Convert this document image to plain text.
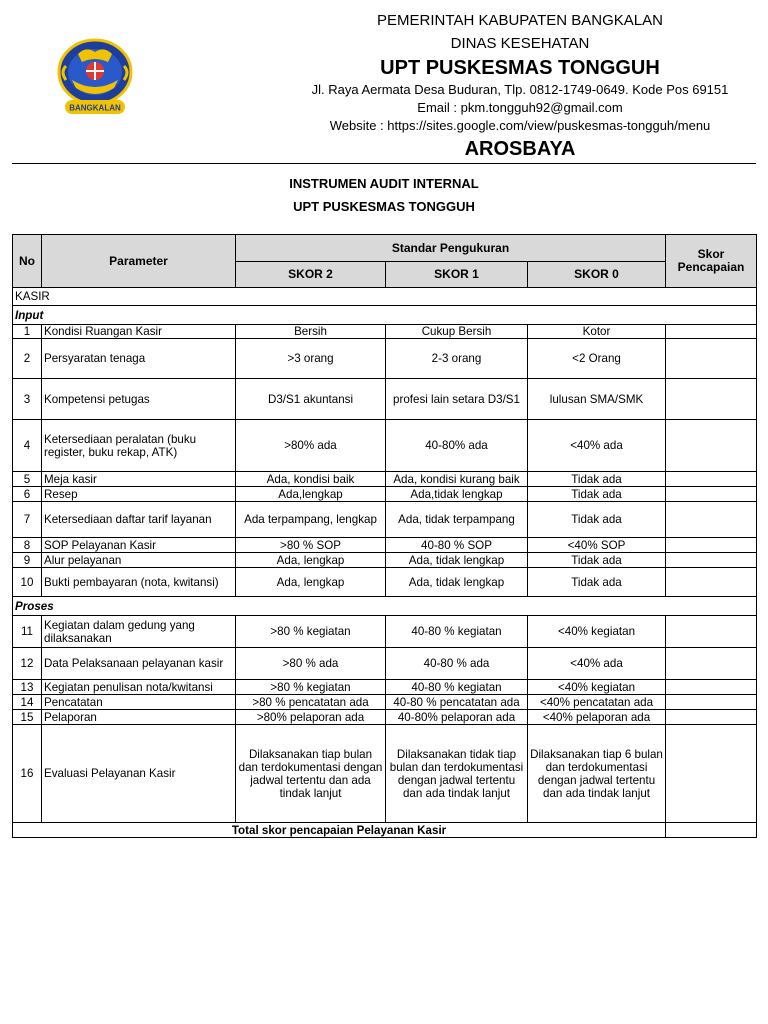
BANGKALAN
PEMERINTAH KABUPATEN BANGKALAN
DINAS KESEHATAN
UPT PUSKESMAS TONGGUH
Jl. Raya Aermata Desa Buduran, Tlp. 0812-1749-0649. Kode Pos 69151
Email : pkm.tongguh92@gmail.com
Website : https://sites.google.com/view/puskesmas-tongguh/menu
AROSBAYA
INSTRUMEN AUDIT INTERNAL
UPT PUSKESMAS TONGGUH
No	Parameter	Standar Pengukuran			Skor Pencapaian
		SKOR 2	SKOR 1	SKOR 0	
KASIR					
Input					
1	Kondisi Ruangan Kasir	Bersih	Cukup Bersih	Kotor	
2	Persyaratan tenaga	>3 orang	2-3 orang	<2 Orang	
3	Kompetensi petugas	D3/S1 akuntansi	profesi lain setara D3/S1	lulusan SMA/SMK	
4	Ketersediaan peralatan (buku register, buku rekap, ATK)	>80% ada	40-80% ada	<40% ada	
5	Meja kasir	Ada, kondisi baik	Ada, kondisi kurang baik	Tidak ada	
6	Resep	Ada,lengkap	Ada,tidak lengkap	Tidak ada	
7	Ketersediaan daftar tarif layanan	Ada terpampang, lengkap	Ada, tidak terpampang	Tidak ada	
8	SOP Pelayanan Kasir	>80 % SOP	40-80 % SOP	<40% SOP	
9	Alur pelayanan	Ada, lengkap	Ada, tidak lengkap	Tidak ada	
10	Bukti pembayaran (nota, kwitansi)	Ada, lengkap	Ada, tidak lengkap	Tidak ada	
Proses					
11	Kegiatan dalam gedung yang dilaksanakan	>80 % kegiatan	40-80 % kegiatan	<40% kegiatan	
12	Data Pelaksanaan pelayanan kasir	>80 % ada	40-80 % ada	<40% ada	
13	Kegiatan penulisan nota/kwitansi	>80 % kegiatan	40-80 % kegiatan	<40% kegiatan	
14	Pencatatan	>80 % pencatatan ada	40-80 % pencatatan ada	<40% pencatatan ada	
15	Pelaporan	>80% pelaporan ada	40-80% pelaporan ada	<40% pelaporan ada	
16	Evaluasi Pelayanan Kasir	Dilaksanakan tiap bulan dan terdokumentasi dengan jadwal tertentu dan ada tindak lanjut	Dilaksanakan tidak tiap bulan dan terdokumentasi dengan jadwal tertentu dan ada tindak lanjut	Dilaksanakan tiap 6 bulan dan terdokumentasi dengan jadwal tertentu dan ada tindak lanjut	
Total skor pencapaian Pelayanan Kasir					
